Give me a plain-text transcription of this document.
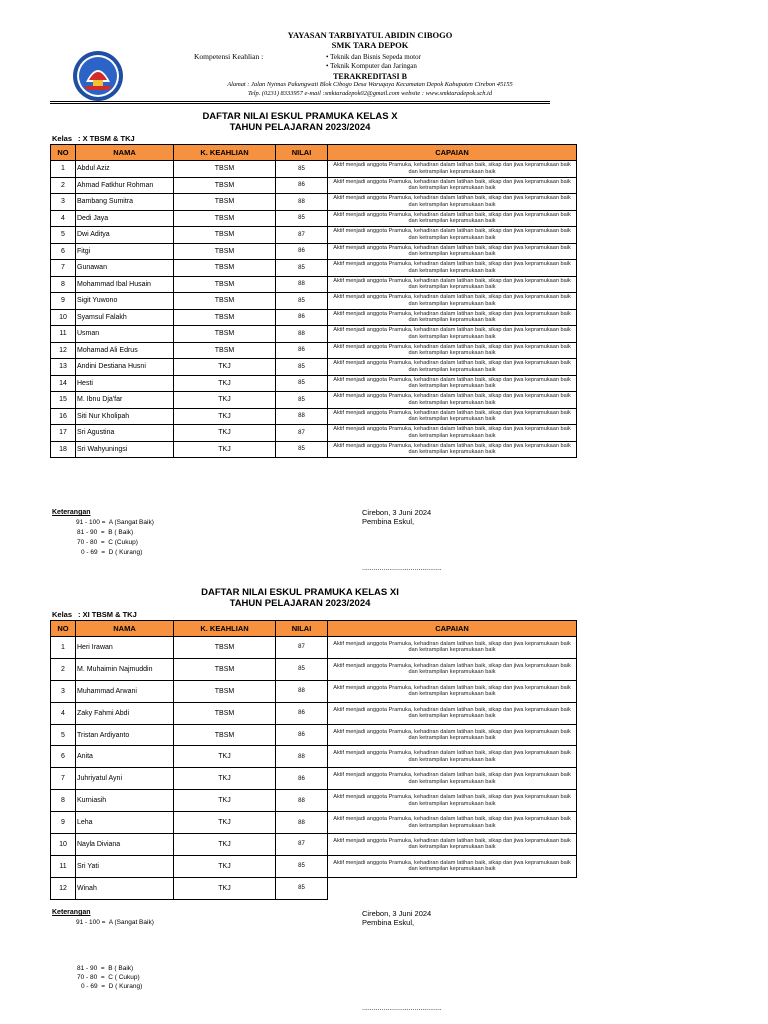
YAYASAN TARBIYATUL ABIDIN CIBOGO
SMK TARA DEPOK
Kompetensi Keahlian :	• Teknik dan Bisnis Sepeda motor
• Teknik Komputer dan Jaringan
TERAKREDITASI B
Alamat : Jalan Nyimas Pakungwati Blok Cibogo Desa Waruqaya Kecamatan Depok Kabupaten Cirebon 45155
Telp. (0231) 8333957 e-mail :smktaradepok02@gmail.com website : www.smktaradepok.sch.id
DAFTAR NILAI ESKUL PRAMUKA KELAS X
TAHUN PELAJARAN 2023/2024
Kelas : X TBSM & TKJ
NO	NAMA	K. KEAHLIAN	NILAI	CAPAIAN
1	Abdul Aziz	TBSM	85	Aktif menjadi anggota Pramuka, kehadiran dalam latihan baik, sikap dan jiwa kepramukaan baik dan ketrampilan kepramukaan baik
2	Ahmad Fatkhur Rohman	TBSM	86	Aktif menjadi anggota Pramuka, kehadiran dalam latihan baik, sikap dan jiwa kepramukaan baik dan ketrampilan kepramukaan baik
3	Bambang Sumitra	TBSM	88	Aktif menjadi anggota Pramuka, kehadiran dalam latihan baik, sikap dan jiwa kepramukaan baik dan ketrampilan kepramukaan baik
4	Dedi Jaya	TBSM	85	Aktif menjadi anggota Pramuka, kehadiran dalam latihan baik, sikap dan jiwa kepramukaan baik dan ketrampilan kepramukaan baik
5	Dwi Aditya	TBSM	87	Aktif menjadi anggota Pramuka, kehadiran dalam latihan baik, sikap dan jiwa kepramukaan baik dan ketrampilan kepramukaan baik
6	Fitgi	TBSM	86	Aktif menjadi anggota Pramuka, kehadiran dalam latihan baik, sikap dan jiwa kepramukaan baik dan ketrampilan kepramukaan baik
7	Gunawan	TBSM	85	Aktif menjadi anggota Pramuka, kehadiran dalam latihan baik, sikap dan jiwa kepramukaan baik dan ketrampilan kepramukaan baik
8	Mohammad Ibal Husain	TBSM	88	Aktif menjadi anggota Pramuka, kehadiran dalam latihan baik, sikap dan jiwa kepramukaan baik dan ketrampilan kepramukaan baik
9	Sigit Yuwono	TBSM	85	Aktif menjadi anggota Pramuka, kehadiran dalam latihan baik, sikap dan jiwa kepramukaan baik dan ketrampilan kepramukaan baik
10	Syamsul Falakh	TBSM	86	Aktif menjadi anggota Pramuka, kehadiran dalam latihan baik, sikap dan jiwa kepramukaan baik dan ketrampilan kepramukaan baik
11	Usman	TBSM	88	Aktif menjadi anggota Pramuka, kehadiran dalam latihan baik, sikap dan jiwa kepramukaan baik dan ketrampilan kepramukaan baik
12	Mohamad Ali Edrus	TBSM	86	Aktif menjadi anggota Pramuka, kehadiran dalam latihan baik, sikap dan jiwa kepramukaan baik dan ketrampilan kepramukaan baik
13	Andini Destiana Husni	TKJ	85	Aktif menjadi anggota Pramuka, kehadiran dalam latihan baik, sikap dan jiwa kepramukaan baik dan ketrampilan kepramukaan baik
14	Hesti	TKJ	85	Aktif menjadi anggota Pramuka, kehadiran dalam latihan baik, sikap dan jiwa kepramukaan baik dan ketrampilan kepramukaan baik
15	M. Ibnu Dja'far	TKJ	85	Aktif menjadi anggota Pramuka, kehadiran dalam latihan baik, sikap dan jiwa kepramukaan baik dan ketrampilan kepramukaan baik
16	Siti Nur Kholipah	TKJ	88	Aktif menjadi anggota Pramuka, kehadiran dalam latihan baik, sikap dan jiwa kepramukaan baik dan ketrampilan kepramukaan baik
17	Sri Agustina	TKJ	87	Aktif menjadi anggota Pramuka, kehadiran dalam latihan baik, sikap dan jiwa kepramukaan baik dan ketrampilan kepramukaan baik
18	Sri Wahyuningsi	TKJ	85	Aktif menjadi anggota Pramuka, kehadiran dalam latihan baik, sikap dan jiwa kepramukaan baik dan ketrampilan kepramukaan baik
Keterangan
91 - 100 =  A (Sangat Baik)
81 - 90  =  B ( Baik)
70 - 80  =  C (Cukup)
0 - 69  =  D ( Kurang)
Cirebon, 3 Juni 2024
Pembina Eskul,
.........................................
DAFTAR NILAI ESKUL PRAMUKA KELAS XI
TAHUN PELAJARAN 2023/2024
Kelas : XI TBSM & TKJ
NO	NAMA	K. KEAHLIAN	NILAI	CAPAIAN
1	Heri Irawan	TBSM	87	Aktif menjadi anggota Pramuka, kehadiran dalam latihan baik, sikap dan jiwa kepramukaan baik dan ketrampilan kepramukaan baik
2	M. Muhaimin Najmuddin	TBSM	85	Aktif menjadi anggota Pramuka, kehadiran dalam latihan baik, sikap dan jiwa kepramukaan baik dan ketrampilan kepramukaan baik
3	Muhammad Arwani	TBSM	88	Aktif menjadi anggota Pramuka, kehadiran dalam latihan baik, sikap dan jiwa kepramukaan baik dan ketrampilan kepramukaan baik
4	Zaky Fahmi Abdi	TBSM	86	Aktif menjadi anggota Pramuka, kehadiran dalam latihan baik, sikap dan jiwa kepramukaan baik dan ketrampilan kepramukaan baik
5	Tristan Ardiyanto	TBSM	86	Aktif menjadi anggota Pramuka, kehadiran dalam latihan baik, sikap dan jiwa kepramukaan baik dan ketrampilan kepramukaan baik
6	Anita	TKJ	88	Aktif menjadi anggota Pramuka, kehadiran dalam latihan baik, sikap dan jiwa kepramukaan baik dan ketrampilan kepramukaan baik
7	Juhriyatul Ayni	TKJ	86	Aktif menjadi anggota Pramuka, kehadiran dalam latihan baik, sikap dan jiwa kepramukaan baik dan ketrampilan kepramukaan baik
8	Kurniasih	TKJ	88	Aktif menjadi anggota Pramuka, kehadiran dalam latihan baik, sikap dan jiwa kepramukaan baik dan ketrampilan kepramukaan baik
9	Leha	TKJ	88	Aktif menjadi anggota Pramuka, kehadiran dalam latihan baik, sikap dan jiwa kepramukaan baik dan ketrampilan kepramukaan baik
10	Nayla Diviana	TKJ	87	Aktif menjadi anggota Pramuka, kehadiran dalam latihan baik, sikap dan jiwa kepramukaan baik dan ketrampilan kepramukaan baik
11	Sri Yati	TKJ	85	Aktif menjadi anggota Pramuka, kehadiran dalam latihan baik, sikap dan jiwa kepramukaan baik dan ketrampilan kepramukaan baik
12	Winah	TKJ	85	
Keterangan
91 - 100 =  A (Sangat Baik)
81 - 90  =  B ( Baik)
70 - 80  =  C ( Cukup)
0 - 69  =  D ( Kurang)
Cirebon, 3 Juni 2024
Pembina Eskul,
.........................................
